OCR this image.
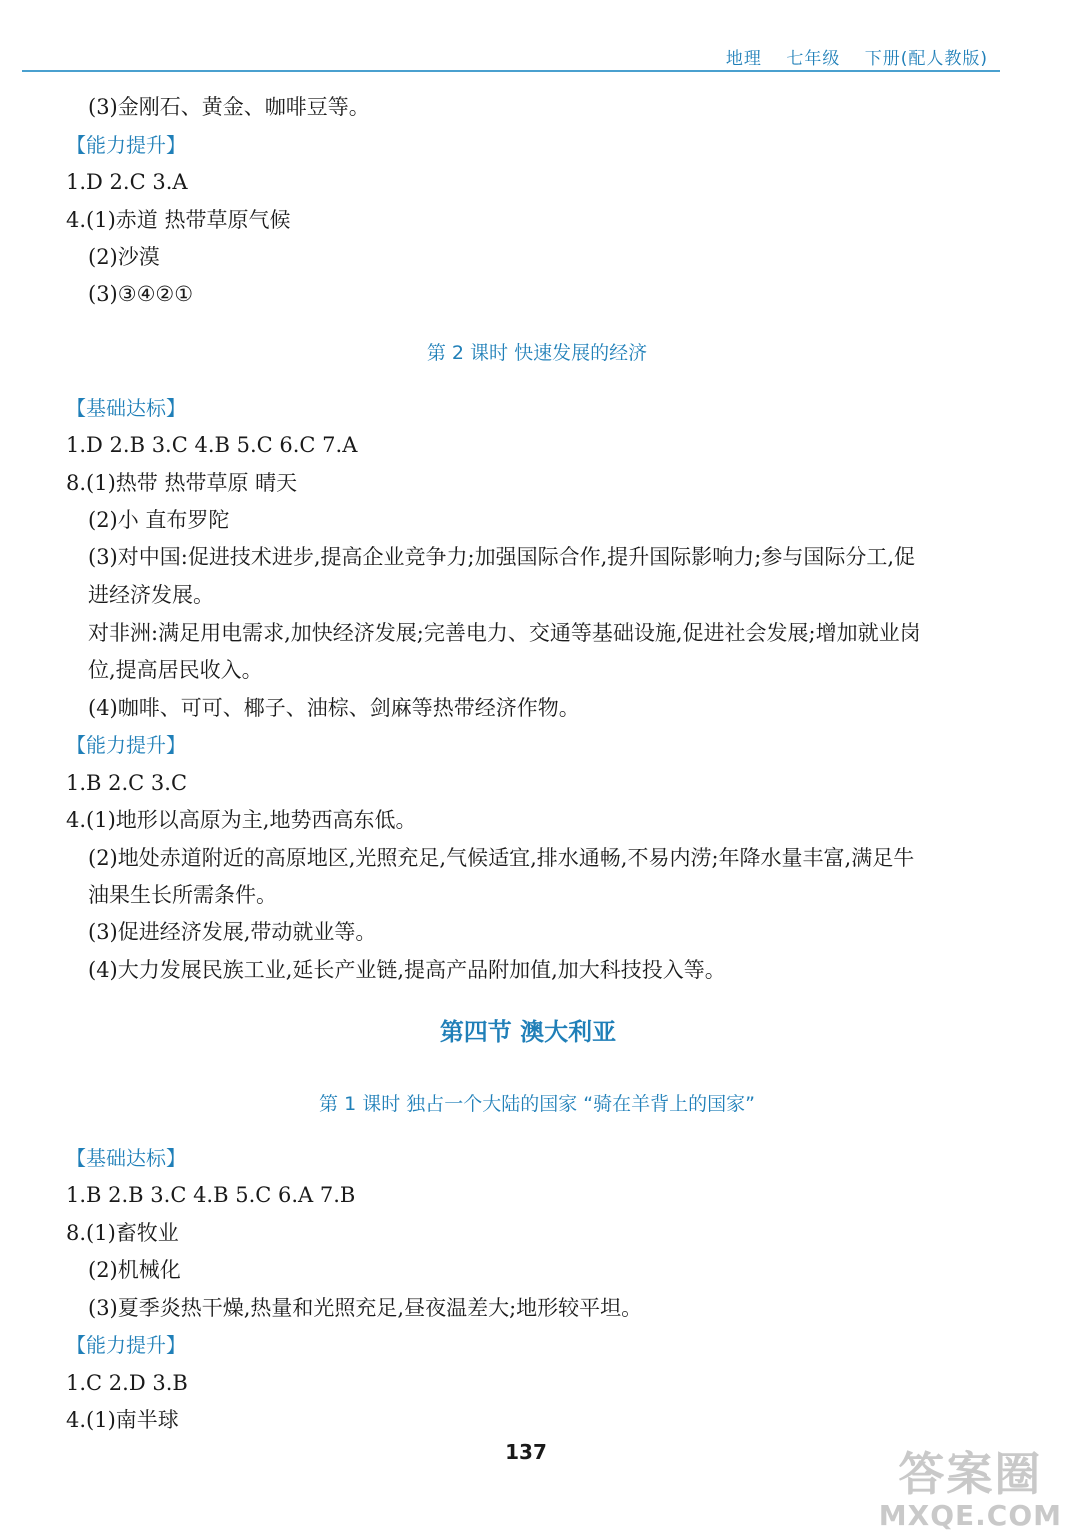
地理 七年级 下册(配人教版)
(3)金刚石、黄金、咖啡豆等。
【能力提升】
1.D 2.C 3.A
4.(1)赤道 热带草原气候
(2)沙漠
(3)③④②①
【基础达标】
1.D 2.B 3.C 4.B 5.C 6.C 7.A
8.(1)热带 热带草原 晴天
(2)小 直布罗陀
(3)对中国:促进技术进步,提高企业竞争力;加强国际合作,提升国际影响力;参与国际分工,促
进经济发展。
对非洲:满足用电需求,加快经济发展;完善电力、交通等基础设施,促进社会发展;增加就业岗
位,提高居民收入。
(4)咖啡、可可、椰子、油棕、剑麻等热带经济作物。
【能力提升】
1.B 2.C 3.C
4.(1)地形以高原为主,地势西高东低。
(2)地处赤道附近的高原地区,光照充足,气候适宜,排水通畅,不易内涝;年降水量丰富,满足牛
油果生长所需条件。
(3)促进经济发展,带动就业等。
(4)大力发展民族工业,延长产业链,提高产品附加值,加大科技投入等。
【基础达标】
1.B 2.B 3.C 4.B 5.C 6.A 7.B
8.(1)畜牧业
(2)机械化
(3)夏季炎热干燥,热量和光照充足,昼夜温差大;地形较平坦。
【能力提升】
1.C 2.D 3.B
4.(1)南半球
第 2 课时 快速发展的经济
第 1 课时 独占一个大陆的国家 “骑在羊背上的国家”
第四节 澳大利亚
137	答案圈
MXQE.COM
